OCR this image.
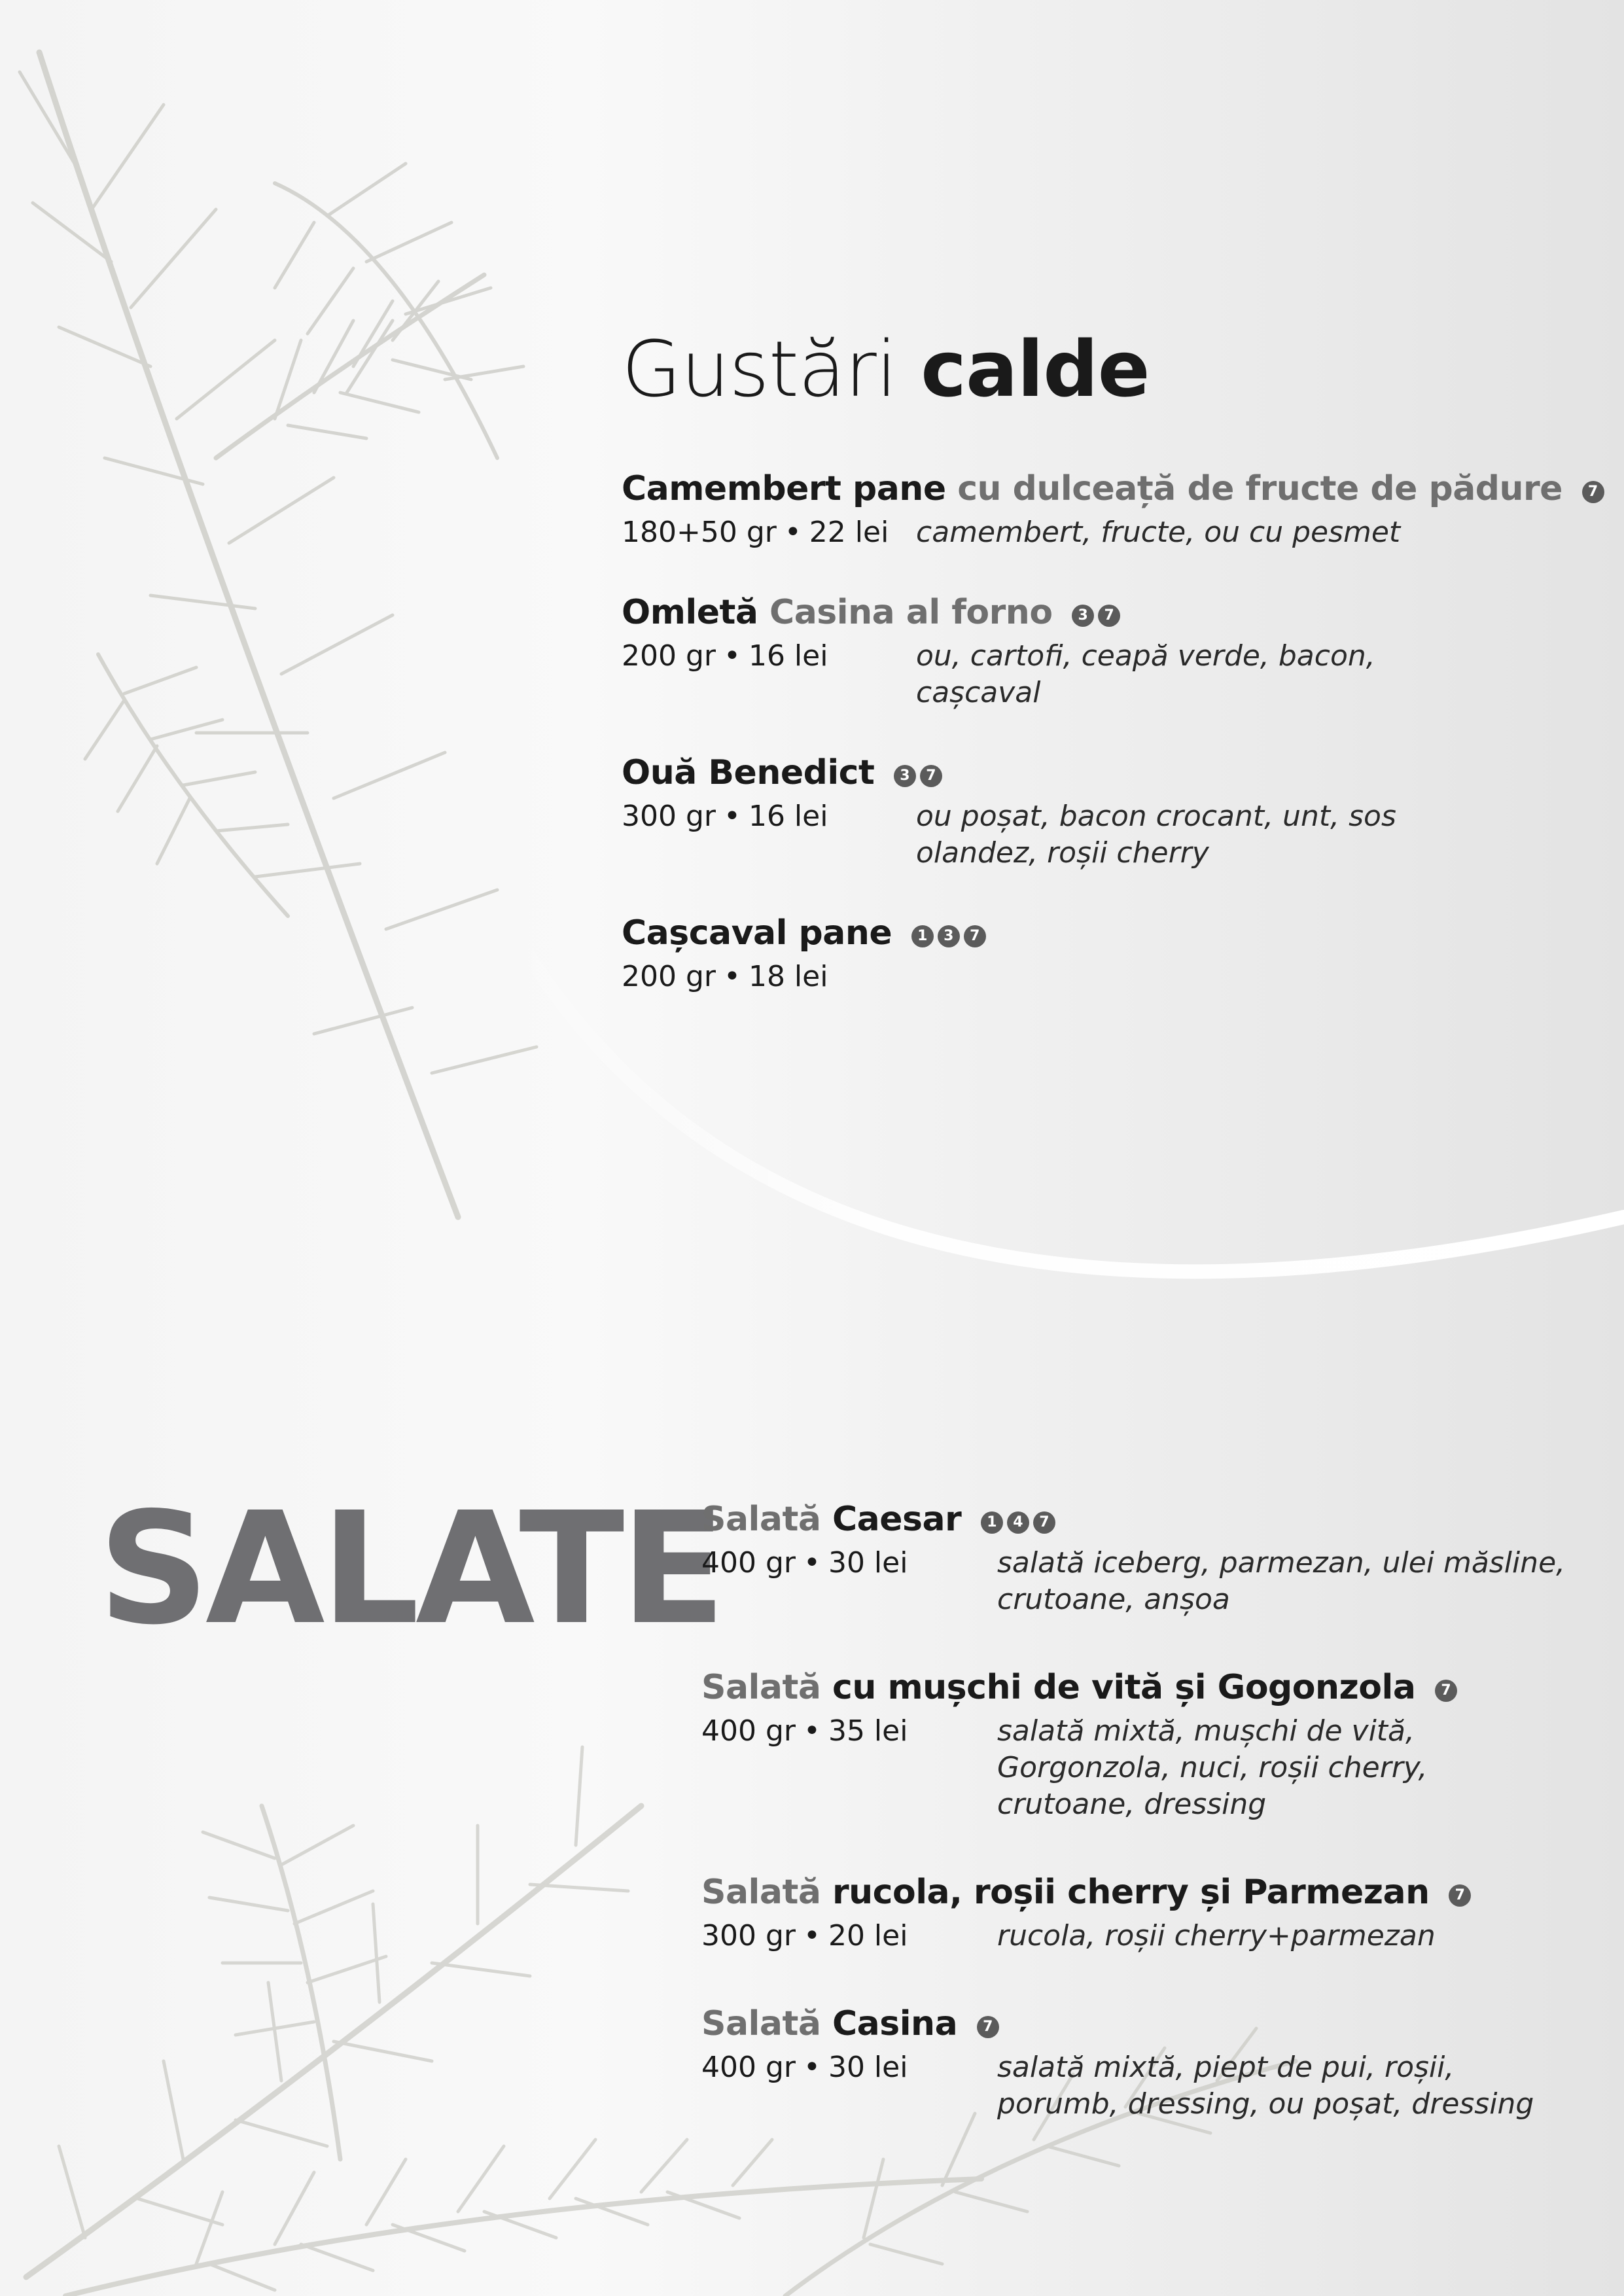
Gustări calde
Camembert pane cu dulceață de fructe de pădure 7
180+50 gr • 22 lei camembert, fructe, ou cu pesmet
Omletă Casina al forno 3 7
200 gr • 16 lei	ou, cartofi, ceapă verde, bacon, cașcaval
Ouă Benedict 3 7
300 gr • 16 lei	ou poșat, bacon crocant, unt, sos olandez, roșii cherry
Cașcaval pane 1 3 7
200 gr • 18 lei
SALATE
Salată Caesar 1 4 7
400 gr • 30 lei	salată iceberg, parmezan, ulei măsline, crutoane, anșoa
Salată cu mușchi de vită și Gogonzola 7
400 gr • 35 lei	salată mixtă, mușchi de vită, Gorgonzola, nuci, roșii cherry, crutoane, dressing
Salată rucola, roșii cherry și Parmezan 7
300 gr • 20 lei	rucola, roșii cherry+parmezan
Salată Casina 7
400 gr • 30 lei	salată mixtă, piept de pui, roșii, porumb, dressing, ou poșat, dressing
